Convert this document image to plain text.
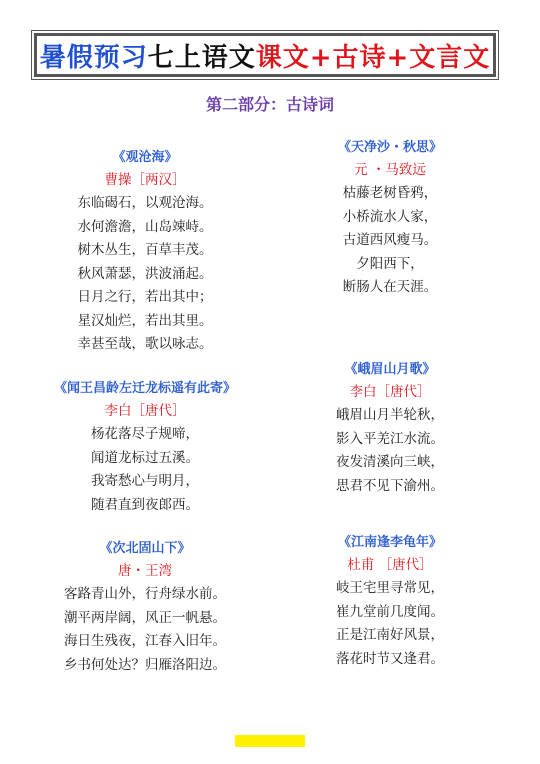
暑假预习 七上语文 课文+古诗+文言文
第二部分：古诗词
《观沧海》
曹操［两汉］
东临碣石，以观沧海。
水何澹澹，山岛竦峙。
树木丛生，百草丰茂。
秋风萧瑟，洪波涌起。
日月之行，若出其中；
星汉灿烂，若出其里。
幸甚至哉，歌以咏志。
《天净沙・秋思》
元 ・马致远
枯藤老树昏鸦，
小桥流水人家，
古道西风瘦马。
夕阳西下，
断肠人在天涯。
《闻王昌龄左迁龙标遥有此寄》
李白［唐代］
杨花落尽子规啼，
闻道龙标过五溪。
我寄愁心与明月，
随君直到夜郎西。
《峨眉山月歌》
李白［唐代］
峨眉山月半轮秋，
影入平羌江水流。
夜发清溪向三峡，
思君不见下渝州。
《次北固山下》
唐・王湾
客路青山外，行舟绿水前。
潮平两岸阔，风正一帆悬。
海日生残夜，江春入旧年。
乡书何处达？归雁洛阳边。
《江南逢李龟年》
杜甫 ［唐代］
岐王宅里寻常见，
崔九堂前几度闻。
正是江南好风景，
落花时节又逢君。
